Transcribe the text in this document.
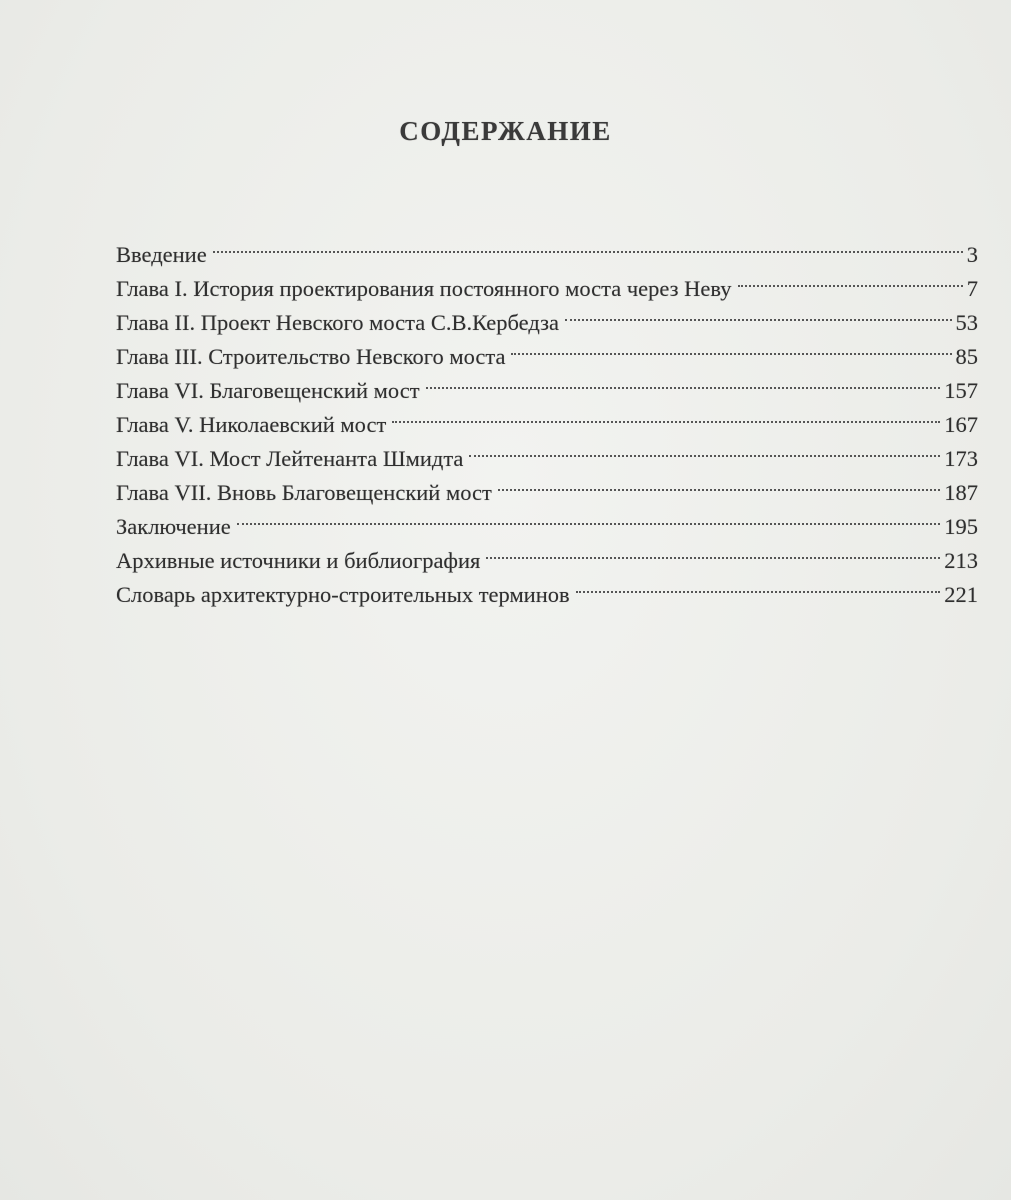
СОДЕРЖАНИЕ
Введение	3
Глава I. История проектирования постоянного моста через Неву	7
Глава II. Проект Невского моста С.В.Кербедза	53
Глава III. Строительство Невского моста	85
Глава VI. Благовещенский мост	157
Глава V. Николаевский мост	167
Глава VI. Мост Лейтенанта Шмидта	173
Глава VII. Вновь Благовещенский мост	187
Заключение	195
Архивные источники и библиография	213
Словарь архитектурно-строительных терминов	221
